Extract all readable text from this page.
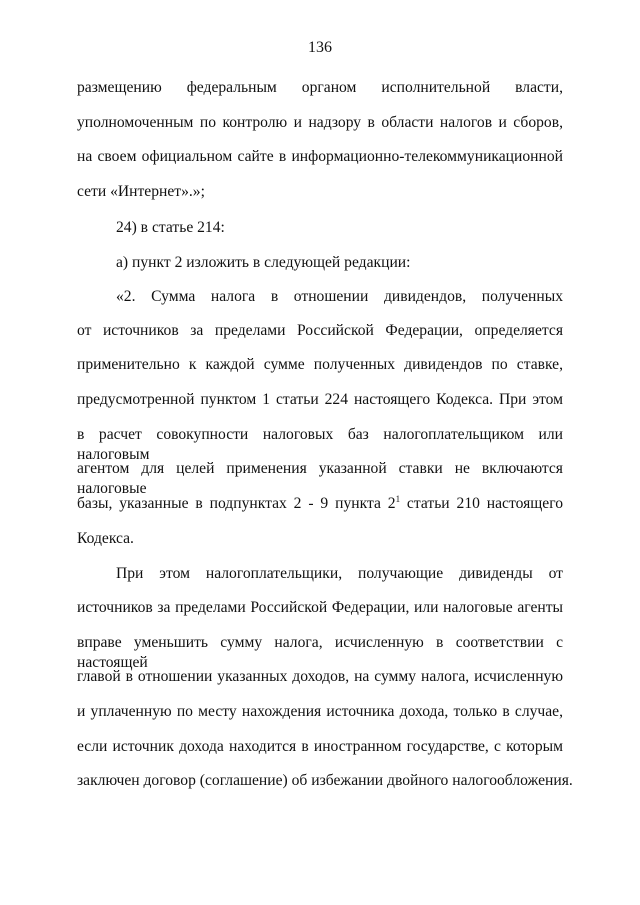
136
размещению федеральным органом исполнительной власти,
уполномоченным по контролю и надзору в области налогов и сборов,
на своем официальном сайте в информационно-телекоммуникационной
сети «Интернет».»;
24) в статье 214:
а) пункт 2 изложить в следующей редакции:
«2. Сумма налога в отношении дивидендов, полученных
от источников за пределами Российской Федерации, определяется
применительно к каждой сумме полученных дивидендов по ставке,
предусмотренной пунктом 1 статьи 224 настоящего Кодекса. При этом
в расчет совокупности налоговых баз налогоплательщиком или налоговым
агентом для целей применения указанной ставки не включаются налоговые
базы, указанные в подпунктах 2 - 9 пункта $2^1$ статьи 210 настоящего
Кодекса.
При этом налогоплательщики, получающие дивиденды от
источников за пределами Российской Федерации, или налоговые агенты
вправе уменьшить сумму налога, исчисленную в соответствии с настоящей
главой в отношении указанных доходов, на сумму налога, исчисленную
и уплаченную по месту нахождения источника дохода, только в случае,
если источник дохода находится в иностранном государстве, с которым
заключен договор (соглашение) об избежании двойного налогообложения.
